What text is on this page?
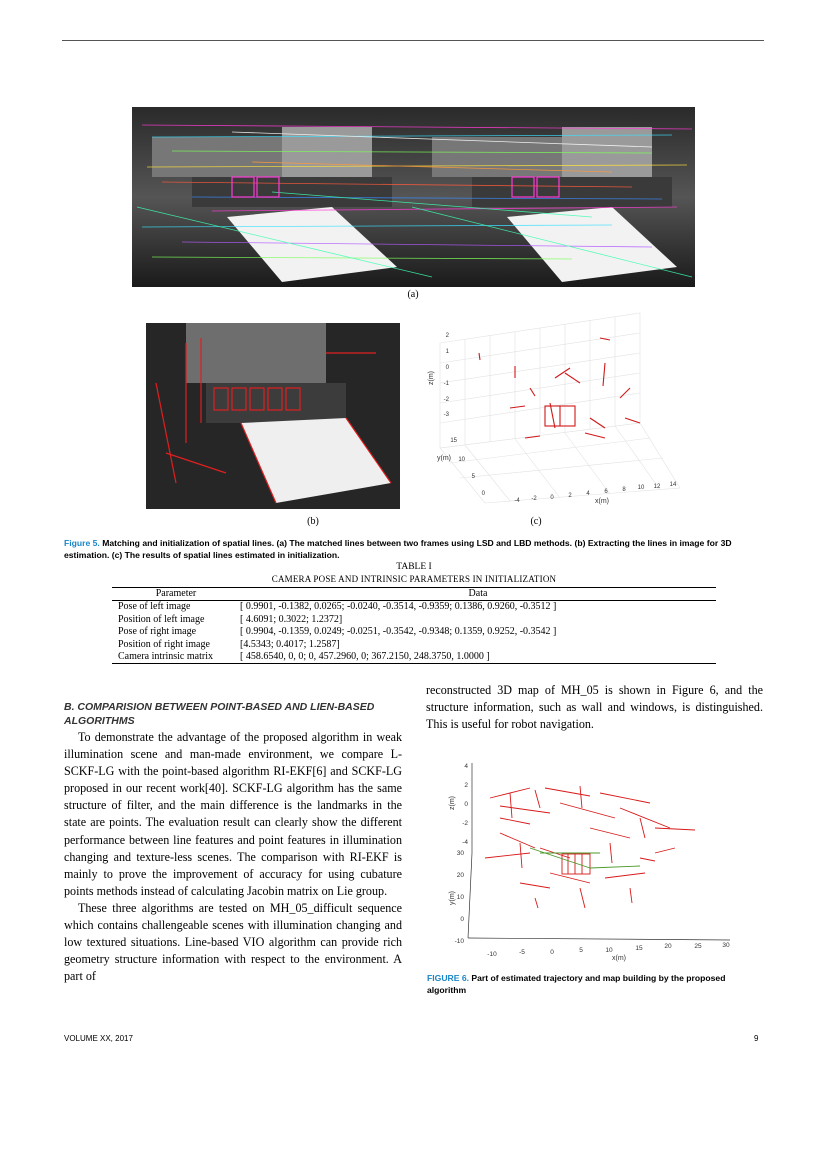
(a)
(b)
2
1
0
-1
-2
-3
15
10
5
0
-4 -2 0 2 4 6 8 10 12 14
x(m)
z(m)
y(m)
(c)
Figure 5. Matching and initialization of spatial lines. (a) The matched lines between two frames using LSD and LBD methods. (b) Extracting the lines in image for 3D estimation. (c) The results of spatial lines estimated in initialization.
TABLE I
CAMERA POSE AND INTRINSIC PARAMETERS IN INITIALIZATION
Parameter	Data
Pose of left image	[ 0.9901, -0.1382, 0.0265; -0.0240, -0.3514, -0.9359; 0.1386, 0.9260, -0.3512 ]
Position of left image	[ 4.6091; 0.3022; 1.2372]
Pose of right image	[ 0.9904, -0.1359, 0.0249; -0.0251, -0.3542, -0.9348; 0.1359, 0.9252, -0.3542 ]
Position of right image	[4.5343; 0.4017; 1.2587]
Camera intrinsic matrix	[ 458.6540, 0, 0; 0, 457.2960, 0; 367.2150, 248.3750, 1.0000 ]
B. COMPARISION BETWEEN POINT-BASED AND LIEN-BASED ALGORITHMS

To demonstrate the advantage of the proposed algorithm in weak illumination scene and man-made environment, we compare L-SCKF-LG with the point-based algorithm RI-EKF[6] and SCKF-LG proposed in our recent work[40]. SCKF-LG algorithm has the same structure of filter, and the main difference is the landmarks in the state are points. The evaluation result can clearly show the different performance between line features and point features in illumination changing and texture-less scenes. The comparison with RI-EKF is mainly to prove the improvement of accuracy for using cubature points methods instead of calculating Jacobin matrix on Lie group.

These three algorithms are tested on MH_05_difficult sequence which contains challengeable scenes with illumination changing and low textured situations. Line-based VIO algorithm can provide rich geometry structure information with respect to the environment. A part of

reconstructed 3D map of MH_05 is shown in Figure 6, and the structure information, such as wall and windows, is distinguished. This is useful for robot navigation.

4
2
0
-2
-4
30
20
10
0
-10
-10	-5	0	5	10	15	20	25	30
x(m)
z(m)
y(m)
FIGURE 6. Part of estimated trajectory and map building by the proposed algorithm
VOLUME XX, 2017	9
